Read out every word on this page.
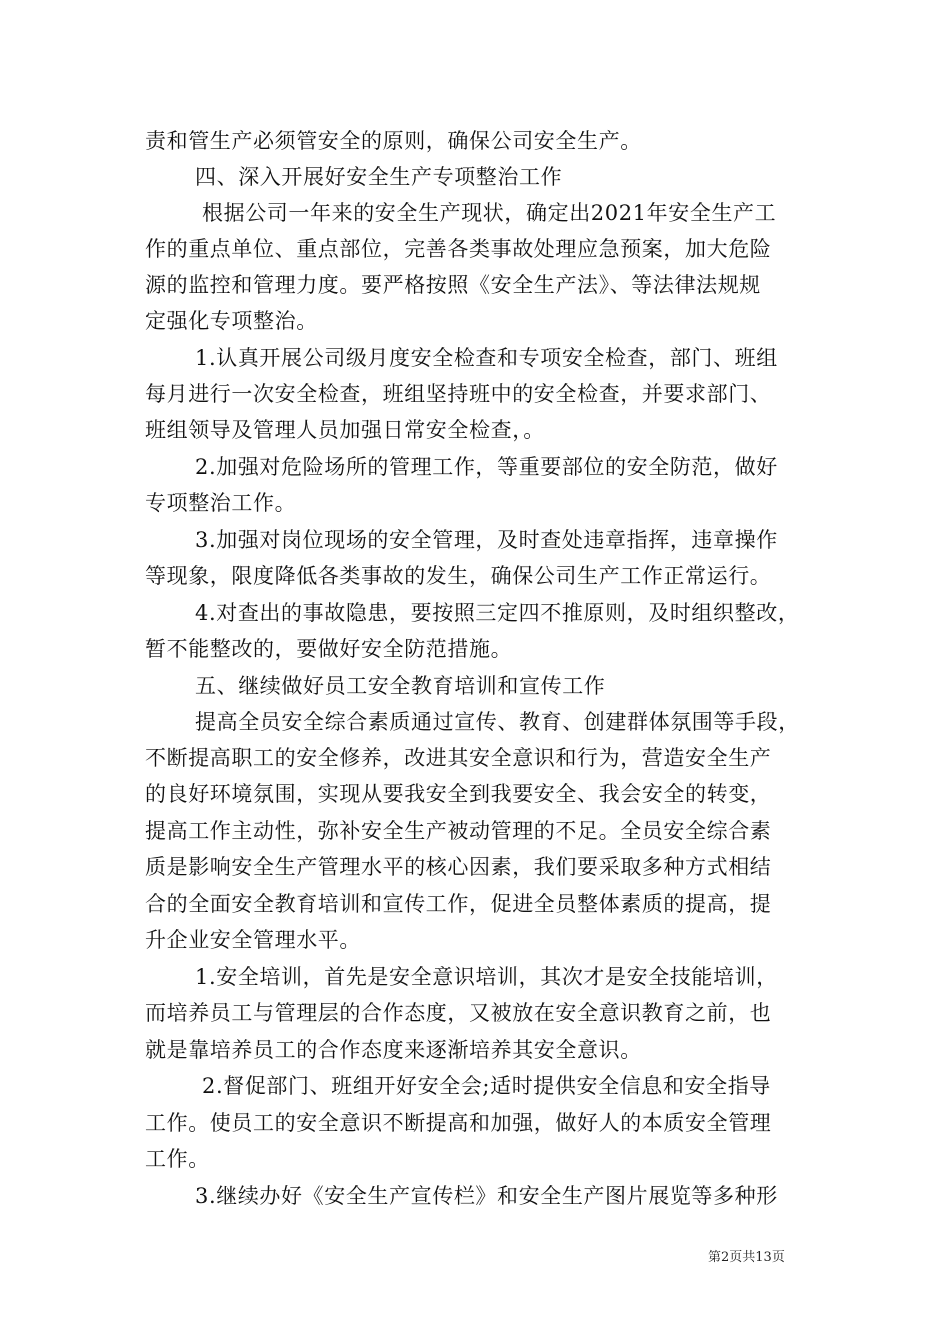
责和管生产必须管安全的原则，确保公司安全生产。
四、深入开展好安全生产专项整治工作
根据公司一年来的安全生产现状，确定出2021年安全生产工
作的重点单位、重点部位，完善各类事故处理应急预案，加大危险
源的监控和管理力度。要严格按照《安全生产法》、等法律法规规
定强化专项整治。
1.认真开展公司级月度安全检查和专项安全检查，部门、班组
每月进行一次安全检查，班组坚持班中的安全检查，并要求部门、
班组领导及管理人员加强日常安全检查，。
2.加强对危险场所的管理工作，等重要部位的安全防范，做好
专项整治工作。
3.加强对岗位现场的安全管理，及时查处违章指挥，违章操作
等现象，限度降低各类事故的发生，确保公司生产工作正常运行。
4.对查出的事故隐患，要按照三定四不推原则，及时组织整改，
暂不能整改的，要做好安全防范措施。
五、继续做好员工安全教育培训和宣传工作
提高全员安全综合素质通过宣传、教育、创建群体氛围等手段，
不断提高职工的安全修养，改进其安全意识和行为，营造安全生产
的良好环境氛围，实现从要我安全到我要安全、我会安全的转变，
提高工作主动性，弥补安全生产被动管理的不足。全员安全综合素
质是影响安全生产管理水平的核心因素，我们要采取多种方式相结
合的全面安全教育培训和宣传工作，促进全员整体素质的提高，提
升企业安全管理水平。
1.安全培训，首先是安全意识培训，其次才是安全技能培训，
而培养员工与管理层的合作态度，又被放在安全意识教育之前，也
就是靠培养员工的合作态度来逐渐培养其安全意识。
2.督促部门、班组开好安全会;适时提供安全信息和安全指导
工作。使员工的安全意识不断提高和加强，做好人的本质安全管理
工作。
3.继续办好《安全生产宣传栏》和安全生产图片展览等多种形
第2页共13页
